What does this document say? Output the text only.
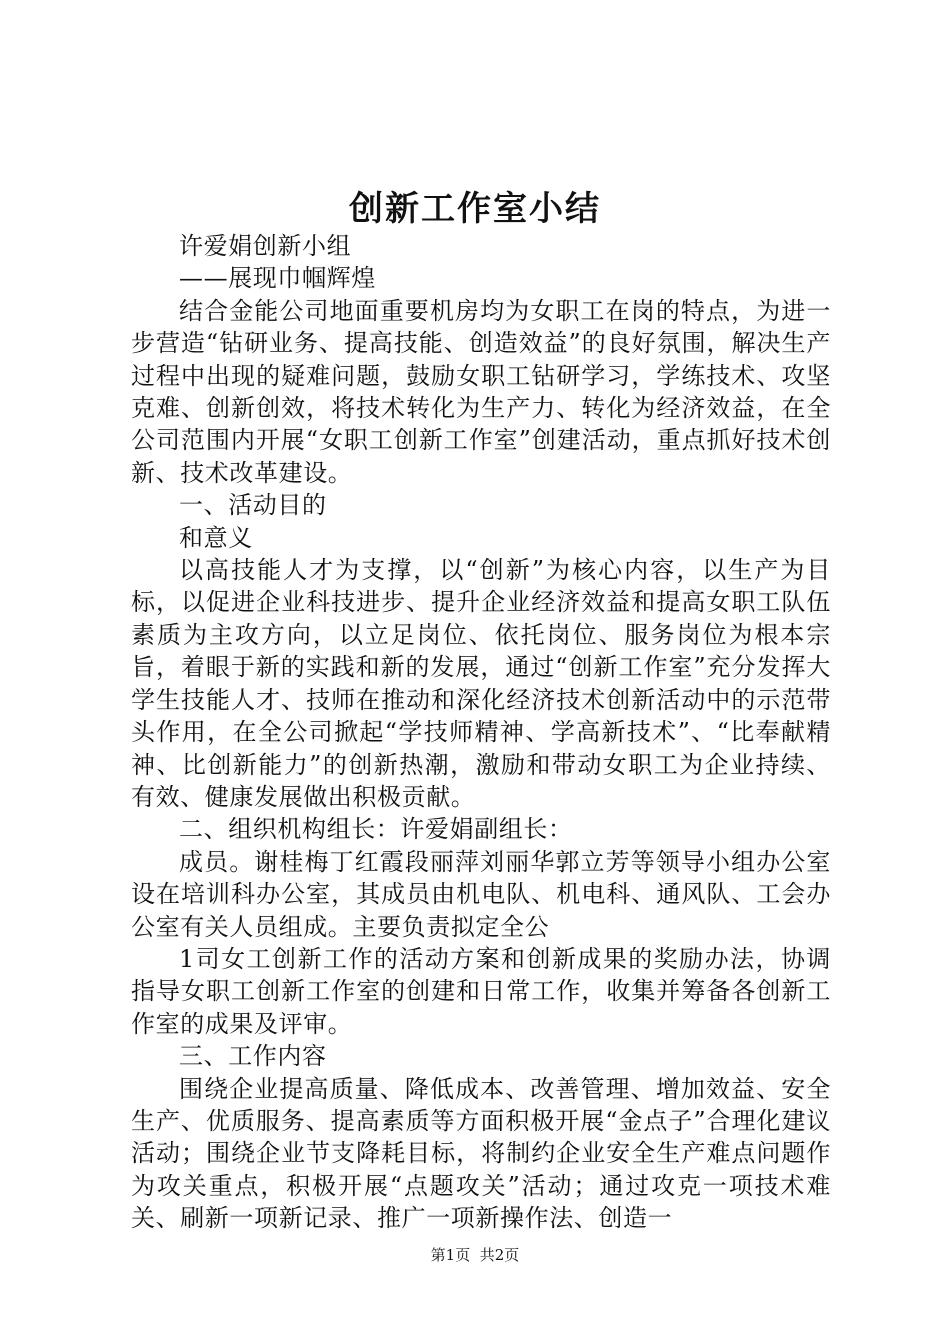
创新工作室小结

许爱娟创新小组

——展现巾帼辉煌

结合金能公司地面重要机房均为女职工在岗的特点，为进一步营造“钻研业务、提高技能、创造效益”的良好氛围，解决生产过程中出现的疑难问题，鼓励女职工钻研学习，学练技术、攻坚克难、创新创效，将技术转化为生产力、转化为经济效益，在全公司范围内开展“女职工创新工作室”创建活动，重点抓好技术创新、技术改革建设。

一、活动目的

和意义

以高技能人才为支撑，以“创新”为核心内容，以生产为目标，以促进企业科技进步、提升企业经济效益和提高女职工队伍素质为主攻方向，以立足岗位、依托岗位、服务岗位为根本宗旨，着眼于新的实践和新的发展，通过“创新工作室”充分发挥大学生技能人才、技师在推动和深化经济技术创新活动中的示范带头作用，在全公司掀起“学技师精神、学高新技术”、“比奉献精神、比创新能力”的创新热潮，激励和带动女职工为企业持续、有效、健康发展做出积极贡献。

二、组织机构组长：许爱娟副组长：

成员。谢桂梅丁红霞段丽萍刘丽华郭立芳等领导小组办公室设在培训科办公室，其成员由机电队、机电科、通风队、工会办公室有关人员组成。主要负责拟定全公

1司女工创新工作的活动方案和创新成果的奖励办法，协调指导女职工创新工作室的创建和日常工作，收集并筹备各创新工作室的成果及评审。

三、工作内容

围绕企业提高质量、降低成本、改善管理、增加效益、安全生产、优质服务、提高素质等方面积极开展“金点子”合理化建议活动；围绕企业节支降耗目标，将制约企业安全生产难点问题作为攻关重点，积极开展“点题攻关”活动；通过攻克一项技术难关、刷新一项新记录、推广一项新操作法、创造一

第1页 共2页
